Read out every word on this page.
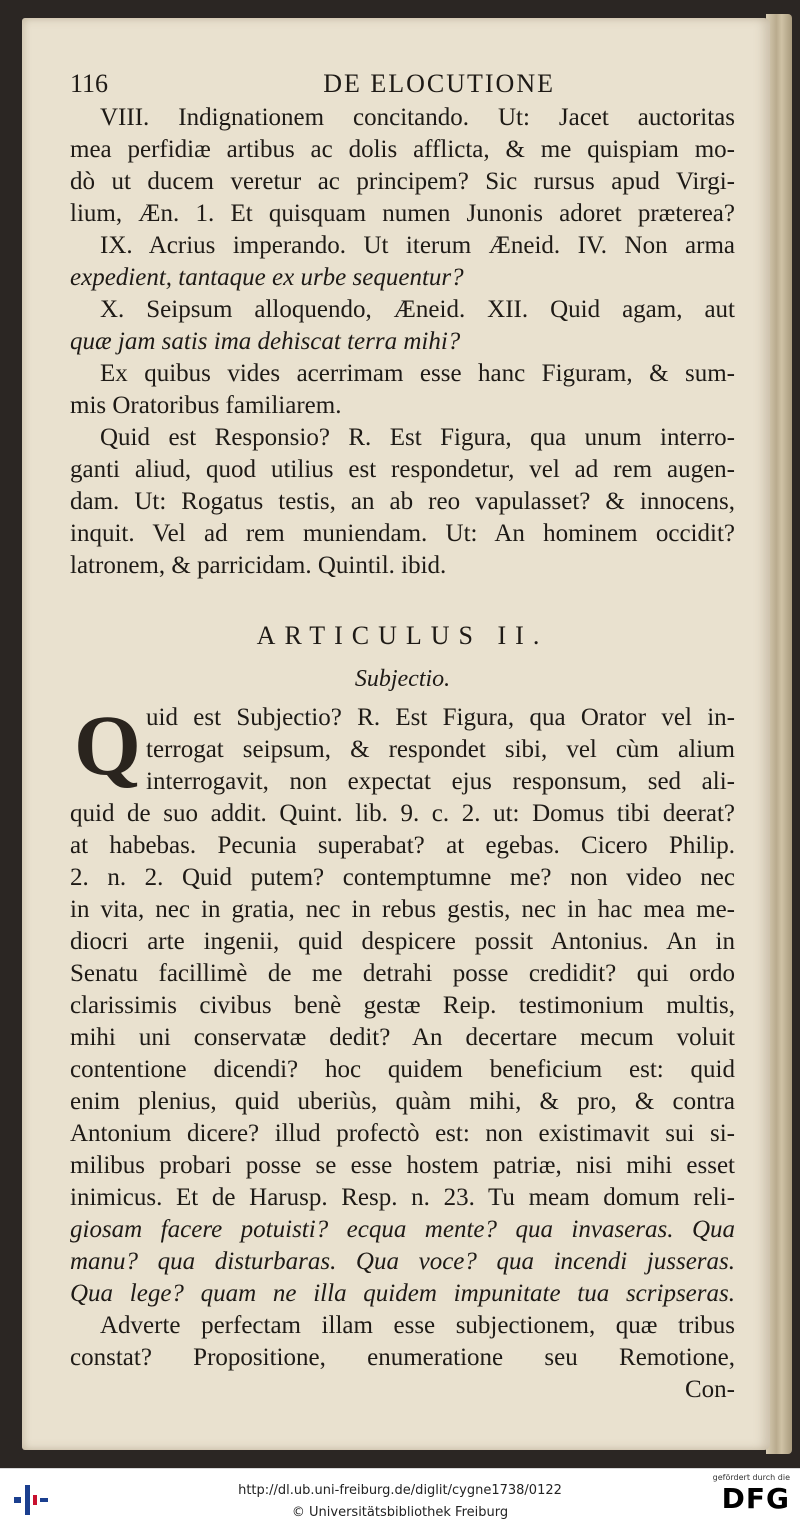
116	DE ELOCUTIONE
VIII. Indignationem concitando. Ut: Jacet auctoritas
mea perfidiæ artibus ac dolis afflicta, & me quispiam mo-
dò ut ducem veretur ac principem? Sic rursus apud Virgi-
lium, Æn. 1. Et quisquam numen Junonis adoret præterea?
IX. Acrius imperando. Ut iterum Æneid. IV. Non arma
expedient, tantaque ex urbe sequentur?
X. Seipsum alloquendo, Æneid. XII. Quid agam, aut
quæ jam satis ima dehiscat terra mihi?
Ex quibus vides acerrimam esse hanc Figuram, & sum-
mis Oratoribus familiarem.
Quid est Responsio? R. Est Figura, qua unum interro-
ganti aliud, quod utilius est respondetur, vel ad rem augen-
dam. Ut: Rogatus testis, an ab reo vapulasset? & innocens,
inquit. Vel ad rem muniendam. Ut: An hominem occidit?
latronem, & parricidam. Quintil. ibid.
ARTICULUS II.
Subjectio.
Q uid est Subjectio? R. Est Figura, qua Orator vel in-
terrogat seipsum, & respondet sibi, vel cùm alium
interrogavit, non expectat ejus responsum, sed ali-
quid de suo addit. Quint. lib. 9. c. 2. ut: Domus tibi deerat?
at habebas. Pecunia superabat? at egebas. Cicero Philip.
2. n. 2. Quid putem? contemptumne me? non video nec
in vita, nec in gratia, nec in rebus gestis, nec in hac mea me-
diocri arte ingenii, quid despicere possit Antonius. An in
Senatu facillimè de me detrahi posse credidit? qui ordo
clarissimis civibus benè gestæ Reip. testimonium multis,
mihi uni conservatæ dedit? An decertare mecum voluit
contentione dicendi? hoc quidem beneficium est: quid
enim plenius, quid uberiùs, quàm mihi, & pro, & contra
Antonium dicere? illud profectò est: non existimavit sui si-
milibus probari posse se esse hostem patriæ, nisi mihi esset
inimicus. Et de Harusp. Resp. n. 23. Tu meam domum reli-
giosam facere potuisti? ecqua mente? qua invaseras. Qua
manu? qua disturbaras. Qua voce? qua incendi jusseras.
Qua lege? quam ne illa quidem impunitate tua scripseras.
Adverte perfectam illam esse subjectionem, quæ tribus
constat? Propositione, enumeratione seu Remotione,
Con-
http://dl.ub.uni-freiburg.de/diglit/cygne1738/0122
© Universitätsbibliothek Freiburg
gefördert durch die
DFG
